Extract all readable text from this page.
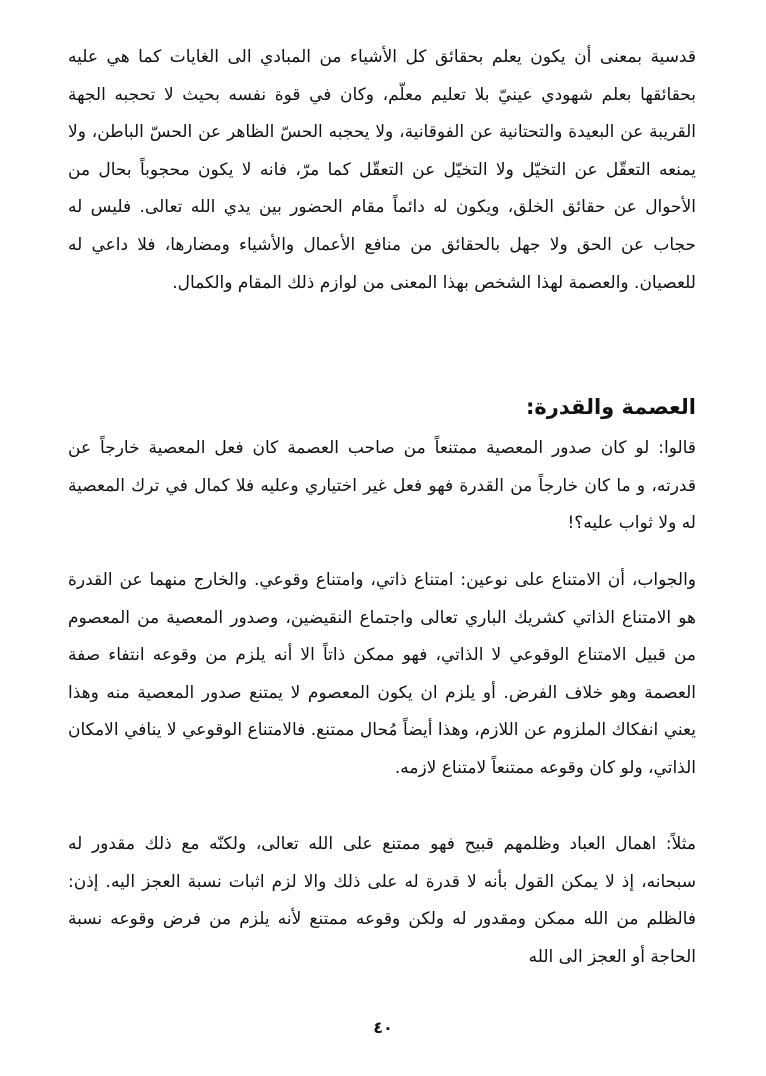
قدسية بمعنى أن يكون يعلم بحقائق كل الأشياء من المبادي الى الغايات كما هي عليه بحقائقها بعلم شهودي عينيّ بلا تعليم معلّم، وكان في قوة نفسه بحيث لا تحجبه الجهة القريبة عن البعيدة والتحتانية عن الفوقانية، ولا يحجبه الحسّ الظاهر عن الحسّ الباطن، ولا يمنعه التعقّل عن التخيّل ولا التخيّل عن التعقّل كما مرّ، فانه لا يكون محجوباً بحال من الأحوال عن حقائق الخلق، ويكون له دائماً مقام الحضور بين يدي الله تعالى. فليس له حجاب عن الحق ولا جهل بالحقائق من منافع الأعمال والأشياء ومضارها، فلا داعي له للعصيان. والعصمة لهذا الشخص بهذا المعنى من لوازم ذلك المقام والكمال.

العصمة والقدرة:

قالوا: لو كان صدور المعصية ممتنعاً من صاحب العصمة كان فعل المعصية خارجاً عن قدرته، و ما كان خارجاً من القدرة فهو فعل غير اختياري وعليه فلا كمال في ترك المعصية له ولا ثواب عليه؟!

والجواب، أن الامتناع على نوعين: امتناع ذاتي، وامتناع وقوعي. والخارج منهما عن القدرة هو الامتناع الذاتي كشريك الباري تعالى واجتماع النقيضين، وصدور المعصية من المعصوم من قبيل الامتناع الوقوعي لا الذاتي، فهو ممكن ذاتاً الا أنه يلزم من وقوعه انتفاء صفة العصمة وهو خلاف الفرض. أو يلزم ان يكون المعصوم لا يمتنع صدور المعصية منه وهذا يعني انفكاك الملزوم عن اللازم، وهذا أيضاً مُحال ممتنع. فالامتناع الوقوعي لا ينافي الامكان الذاتي، ولو كان وقوعه ممتنعاً لامتناع لازمه.

مثلاً: اهمال العباد وظلمهم قبيح فهو ممتنع على الله تعالى، ولكنّه مع ذلك مقدور له سبحانه، إذ لا يمكن القول بأنه لا قدرة له على ذلك والا لزم اثبات نسبة العجز اليه. إذن: فالظلم من الله ممكن ومقدور له ولكن وقوعه ممتنع لأنه يلزم من فرض وقوعه نسبة الحاجة أو العجز الى الله

٤٠
